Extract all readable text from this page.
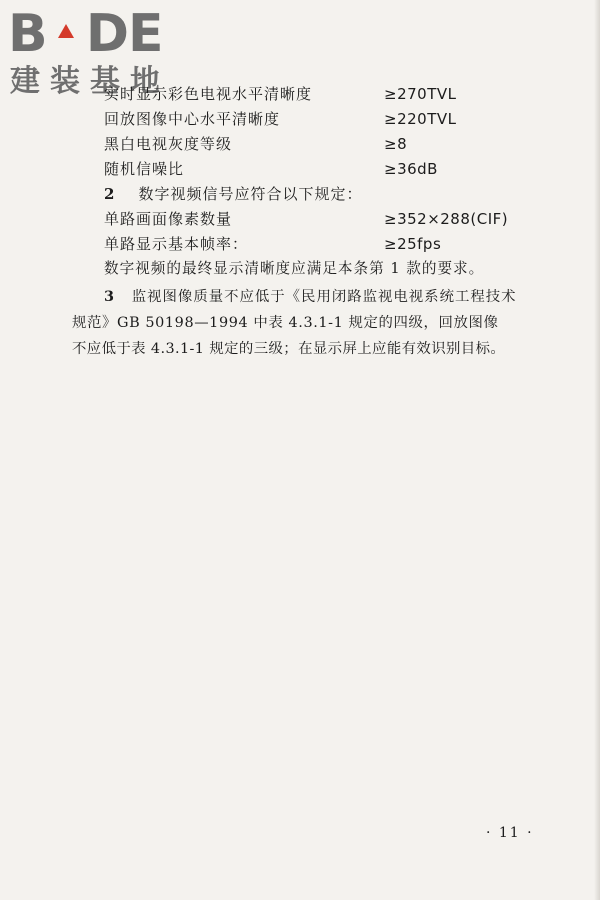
B DE
建装基地
实时显示彩色电视水平清晰度	≥270TVL
回放图像中心水平清晰度	≥220TVL
黑白电视灰度等级	≥8
随机信噪比	≥36dB
2 数字视频信号应符合以下规定：
单路画面像素数量	≥352×288(CIF)
单路显示基本帧率：	≥25fps
数字视频的最终显示清晰度应满足本条第 1 款的要求。
3 监视图像质量不应低于《民用闭路监视电视系统工程技术
规范》GB 50198—1994 中表 4.3.1-1 规定的四级，回放图像
不应低于表 4.3.1-1 规定的三级；在显示屏上应能有效识别目标。
· 11 ·
